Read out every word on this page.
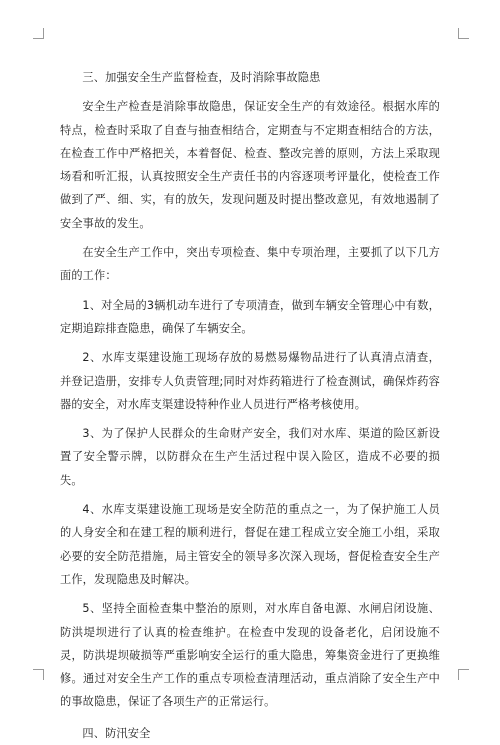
三、加强安全生产监督检查，及时消除事故隐患

安全生产检查是消除事故隐患，保证安全生产的有效途径。根据水库的特点，检查时采取了自查与抽查相结合，定期查与不定期查相结合的方法，在检查工作中严格把关，本着督促、检查、整改完善的原则，方法上采取现场看和听汇报，认真按照安全生产责任书的内容逐项考评量化，使检查工作做到了严、细、实，有的放矢，发现问题及时提出整改意见，有效地遏制了安全事故的发生。

在安全生产工作中，突出专项检查、集中专项治理，主要抓了以下几方面的工作：

1、对全局的3辆机动车进行了专项清查，做到车辆安全管理心中有数，定期追踪排查隐患，确保了车辆安全。

2、水库支渠建设施工现场存放的易燃易爆物品进行了认真清点清查，并登记造册，安排专人负责管理;同时对炸药箱进行了检查测试，确保炸药容器的安全，对水库支渠建设特种作业人员进行严格考核使用。

3、为了保护人民群众的生命财产安全，我们对水库、渠道的险区新设置了安全警示牌，以防群众在生产生活过程中误入险区，造成不必要的损失。

4、水库支渠建设施工现场是安全防范的重点之一，为了保护施工人员的人身安全和在建工程的顺利进行，督促在建工程成立安全施工小组，采取必要的安全防范措施，局主管安全的领导多次深入现场，督促检查安全生产工作，发现隐患及时解决。

5、坚持全面检查集中整治的原则，对水库自备电源、水闸启闭设施、防洪堤坝进行了认真的检查维护。在检查中发现的设备老化，启闭设施不灵，防洪堤坝破损等严重影响安全运行的重大隐患，筹集资金进行了更换维修。通过对安全生产工作的重点专项检查清理活动，重点消除了安全生产中的事故隐患，保证了各项生产的正常运行。

四、防汛安全
